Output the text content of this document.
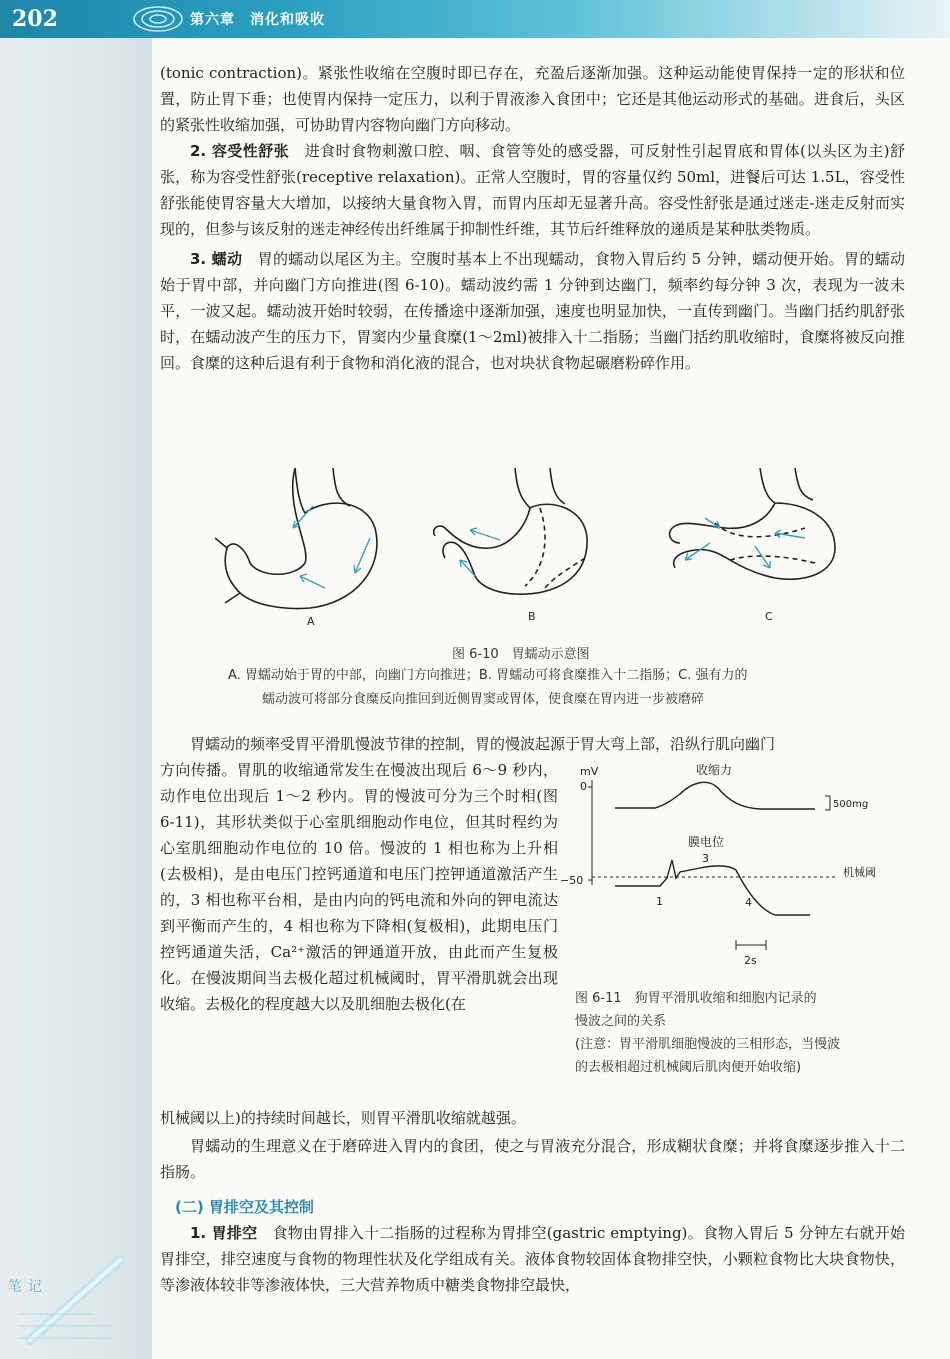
202	第六章　消化和吸收

(tonic contraction)。紧张性收缩在空腹时即已存在，充盈后逐渐加强。这种运动能使胃保持一定的形状和位置，防止胃下垂；也使胃内保持一定压力，以利于胃液渗入食团中；它还是其他运动形式的基础。进食后，头区的紧张性收缩加强，可协助胃内容物向幽门方向移动。

2. 容受性舒张　进食时食物刺激口腔、咽、食管等处的感受器，可反射性引起胃底和胃体(以头区为主)舒张，称为容受性舒张(receptive relaxation)。正常人空腹时，胃的容量仅约 50ml，进餐后可达 1.5L，容受性舒张能使胃容量大大增加，以接纳大量食物入胃，而胃内压却无显著升高。容受性舒张是通过迷走-迷走反射而实现的，但参与该反射的迷走神经传出纤维属于抑制性纤维，其节后纤维释放的递质是某种肽类物质。

3. 蠕动　胃的蠕动以尾区为主。空腹时基本上不出现蠕动，食物入胃后约 5 分钟，蠕动便开始。胃的蠕动始于胃中部，并向幽门方向推进(图 6-10)。蠕动波约需 1 分钟到达幽门，频率约每分钟 3 次，表现为一波未平，一波又起。蠕动波开始时较弱，在传播途中逐渐加强，速度也明显加快，一直传到幽门。当幽门括约肌舒张时，在蠕动波产生的压力下，胃窦内少量食糜(1～2ml)被排入十二指肠；当幽门括约肌收缩时，食糜将被反向推回。食糜的这种后退有利于食物和消化液的混合，也对块状食物起碾磨粉碎作用。

A	B	C
图 6-10　胃蠕动示意图
A. 胃蠕动始于胃的中部，向幽门方向推进；B. 胃蠕动可将食糜推入十二指肠；C. 强有力的
蠕动波可将部分食糜反向推回到近侧胃窦或胃体，使食糜在胃内进一步被磨碎

胃蠕动的频率受胃平滑肌慢波节律的控制，胃的慢波起源于胃大弯上部，沿纵行肌向幽门

方向传播。胃肌的收缩通常发生在慢波出现后 6～9 秒内，动作电位出现后 1～2 秒内。胃的慢波可分为三个时相(图 6-11)，其形状类似于心室肌细胞动作电位，但其时程约为心室肌细胞动作电位的 10 倍。慢波的 1 相也称为上升相(去极相)，是由电压门控钙通道和电压门控钾通道激活产生的，3 相也称平台相，是由内向的钙电流和外向的钾电流达到平衡而产生的，4 相也称为下降相(复极相)，此期电压门控钙通道失活，Ca²⁺激活的钾通道开放，由此而产生复极化。在慢波期间当去极化超过机械阈时，胃平滑肌就会出现收缩。去极化的程度越大以及肌细胞去极化(在

机械阈以上)的持续时间越长，则胃平滑肌收缩就越强。

mV
0
−50
收缩力
500mg
膜电位
机械阈
1
3
4
2s
图 6-11　狗胃平滑肌收缩和细胞内记录的
慢波之间的关系
(注意：胃平滑肌细胞慢波的三相形态，当慢波
的去极相超过机械阈后肌肉便开始收缩)

胃蠕动的生理意义在于磨碎进入胃内的食团，使之与胃液充分混合，形成糊状食糜；并将食糜逐步推入十二指肠。

(二) 胃排空及其控制

1. 胃排空　食物由胃排入十二指肠的过程称为胃排空(gastric emptying)。食物入胃后 5 分钟左右就开始胃排空，排空速度与食物的物理性状及化学组成有关。液体食物较固体食物排空快，小颗粒食物比大块食物快，等渗液体较非等渗液体快，三大营养物质中糖类食物排空最快，

笔记
